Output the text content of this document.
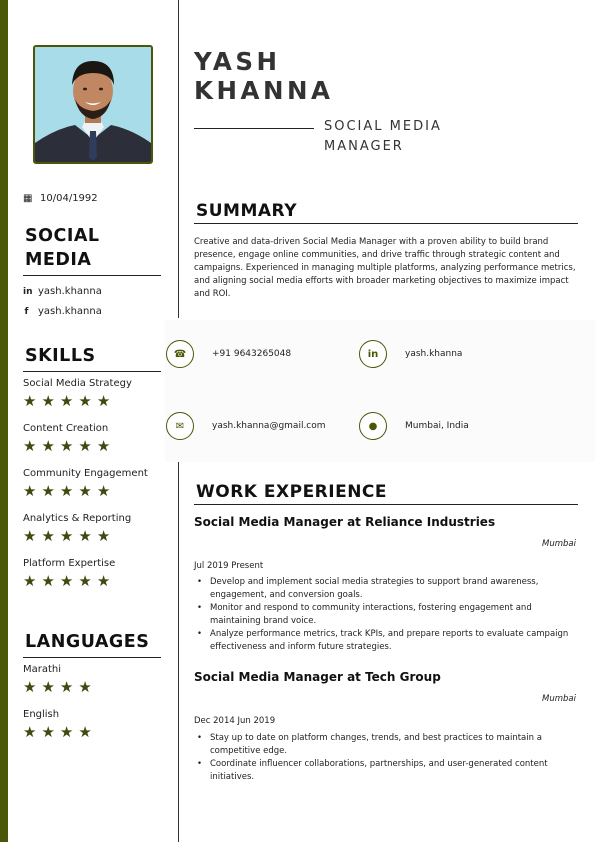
▦ 10/04/1992
SOCIAL
MEDIA
in yash.khanna
f yash.khanna
SKILLS
Social Media Strategy
★ ★ ★ ★ ★
Content Creation
★ ★ ★ ★ ★
Community Engagement
★ ★ ★ ★ ★
Analytics & Reporting
★ ★ ★ ★ ★
Platform Expertise
★ ★ ★ ★ ★
LANGUAGES
Marathi
★ ★ ★ ★
English
★ ★ ★ ★
YASH
KHANNA
SOCIAL MEDIA
MANAGER
SUMMARY
Creative and data-driven Social Media Manager with a proven ability to build brand presence, engage online communities, and drive traffic through strategic content and campaigns. Experienced in managing multiple platforms, analyzing performance metrics, and aligning social media efforts with broader marketing objectives to maximize impact and ROI.
☎	+91 9643265048	in	yash.khanna
✉	yash.khanna@gmail.com	●	Mumbai, India
WORK EXPERIENCE
Social Media Manager at Reliance Industries
Mumbai
Jul 2019 Present
• Develop and implement social media strategies to support brand awareness, engagement, and conversion goals.
• Monitor and respond to community interactions, fostering engagement and maintaining brand voice.
• Analyze performance metrics, track KPIs, and prepare reports to evaluate campaign effectiveness and inform future strategies.
Social Media Manager at Tech Group
Mumbai
Dec 2014 Jun 2019
• Stay up to date on platform changes, trends, and best practices to maintain a competitive edge.
• Coordinate influencer collaborations, partnerships, and user-generated content initiatives.
